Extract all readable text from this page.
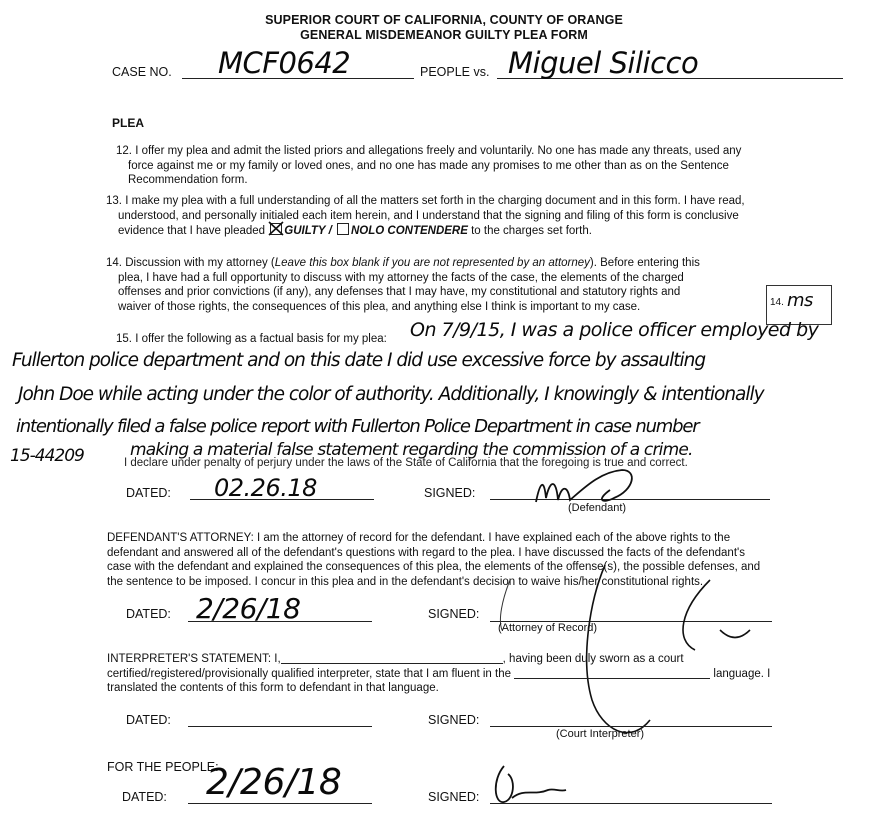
SUPERIOR COURT OF CALIFORNIA, COUNTY OF ORANGE
GENERAL MISDEMEANOR GUILTY PLEA FORM
CASE NO. MCF0642	PEOPLE vs. Miguel Silicco
PLEA
12. I offer my plea and admit the listed priors and allegations freely and voluntarily. No one has made any threats, used any
force against me or my family or loved ones, and no one has made any promises to me other than as on the Sentence
Recommendation form.
13. I make my plea with a full understanding of all the matters set forth in the charging document and in this form. I have read,
understood, and personally initialed each item herein, and I understand that the signing and filing of this form is conclusive
evidence that I have pleaded GUILTY / NOLO CONTENDERE to the charges set forth.
14. Discussion with my attorney (Leave this box blank if you are not represented by an attorney). Before entering this
plea, I have had a full opportunity to discuss with my attorney the facts of the case, the elements of the charged
offenses and prior convictions (if any), any defenses that I may have, my constitutional and statutory rights and
waiver of those rights, the consequences of this plea, and anything else I think is important to my case.	14. ms
15. I offer the following as a factual basis for my plea: On 7/9/15, I was a police officer employed by
Fullerton police department and on this date I did use excessive force by assaulting
John Doe while acting under the color of authority. Additionally, I knowingly & intentionally
intentionally filed a false police report with Fullerton Police Department in case number
15-44209	making a material false statement regarding the commission of a crime.
I declare under penalty of perjury under the laws of the State of California that the foregoing is true and correct.
DATED: 02.26.18	SIGNED:
(Defendant)
DEFENDANT'S ATTORNEY: I am the attorney of record for the defendant. I have explained each of the above rights to the
defendant and answered all of the defendant's questions with regard to the plea. I have discussed the facts of the defendant's
case with the defendant and explained the consequences of this plea, the elements of the offense(s), the possible defenses, and
the sentence to be imposed. I concur in this plea and in the defendant's decision to waive his/her constitutional rights.
DATED: 2/26/18	SIGNED:
(Attorney of Record)
INTERPRETER'S STATEMENT: I,	, having been duly sworn as a court
certified/registered/provisionally qualified interpreter, state that I am fluent in the	language. I
translated the contents of this form to defendant in that language.
DATED:	SIGNED:
(Court Interpreter)
FOR THE PEOPLE:
DATED: 2/26/18	SIGNED:
